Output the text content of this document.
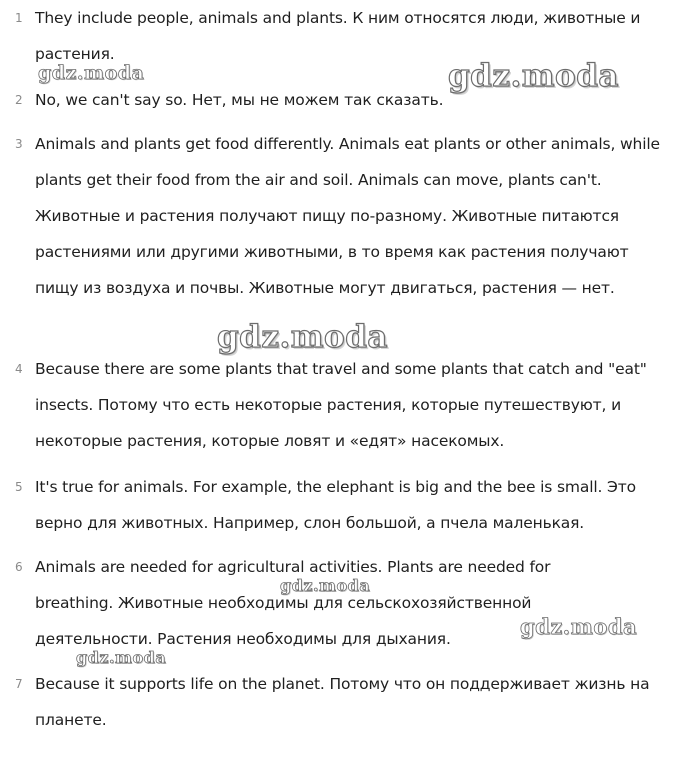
1 They include people, animals and plants. К ним относятся люди, животные и растения.
2 No, we can't say so. Нет, мы не можем так сказать.
3 Animals and plants get food differently. Animals eat plants or other animals, while plants get their food from the air and soil. Animals can move, plants can't. Животные и растения получают пищу по-разному. Животные питаются растениями или другими животными, в то время как растения получают пищу из воздуха и почвы. Животные могут двигаться, растения — нет.
4 Because there are some plants that travel and some plants that catch and "eat" insects. Потому что есть некоторые растения, которые путешествуют, и некоторые растения, которые ловят и «едят» насекомых.
5 It's true for animals. For example, the elephant is big and the bee is small. Это верно для животных. Например, слон большой, а пчела маленькая.
6 Animals are needed for agricultural activities. Plants are needed for breathing. Животные необходимы для сельскохозяйственной деятельности. Растения необходимы для дыхания.
7 Because it supports life on the planet. Потому что он поддерживает жизнь на планете.
gdz.moda	gdz.moda
gdz.moda
gdz.moda
gdz.moda
gdz.moda
